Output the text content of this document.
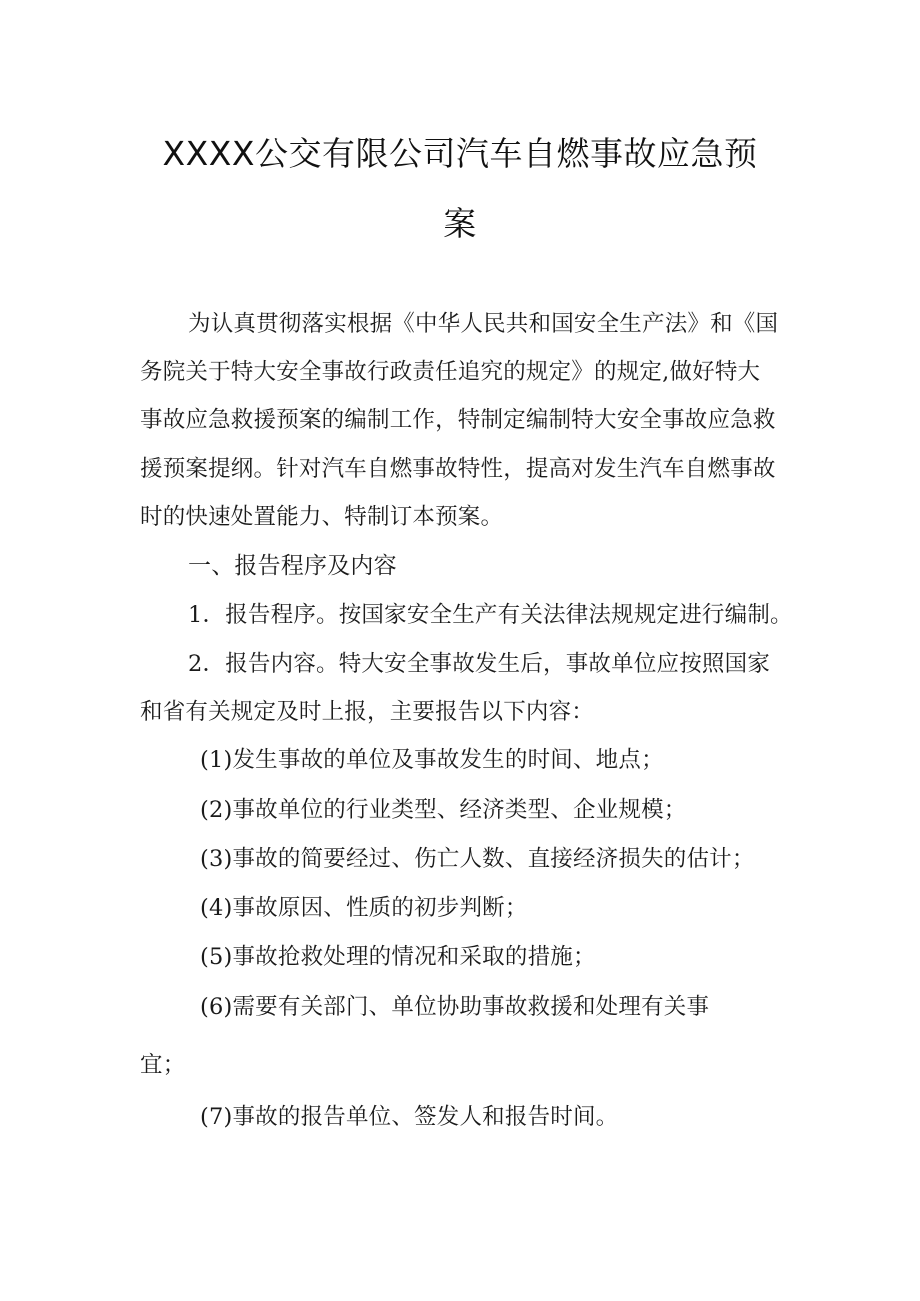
XXXX公交有限公司汽车自燃事故应急预
案
为认真贯彻落实根据《中华人民共和国安全生产法》和《国
务院关于特大安全事故行政责任追究的规定》的规定,做好特大
事故应急救援预案的编制工作，特制定编制特大安全事故应急救
援预案提纲。针对汽车自燃事故特性，提高对发生汽车自燃事故
时的快速处置能力、特制订本预案。
一、报告程序及内容
1．报告程序。按国家安全生产有关法律法规规定进行编制。
2．报告内容。特大安全事故发生后，事故单位应按照国家
和省有关规定及时上报，主要报告以下内容：
(1)发生事故的单位及事故发生的时间、地点；
(2)事故单位的行业类型、经济类型、企业规模；
(3)事故的简要经过、伤亡人数、直接经济损失的估计；
(4)事故原因、性质的初步判断；
(5)事故抢救处理的情况和采取的措施；
(6)需要有关部门、单位协助事故救援和处理有关事
宜；
(7)事故的报告单位、签发人和报告时间。
